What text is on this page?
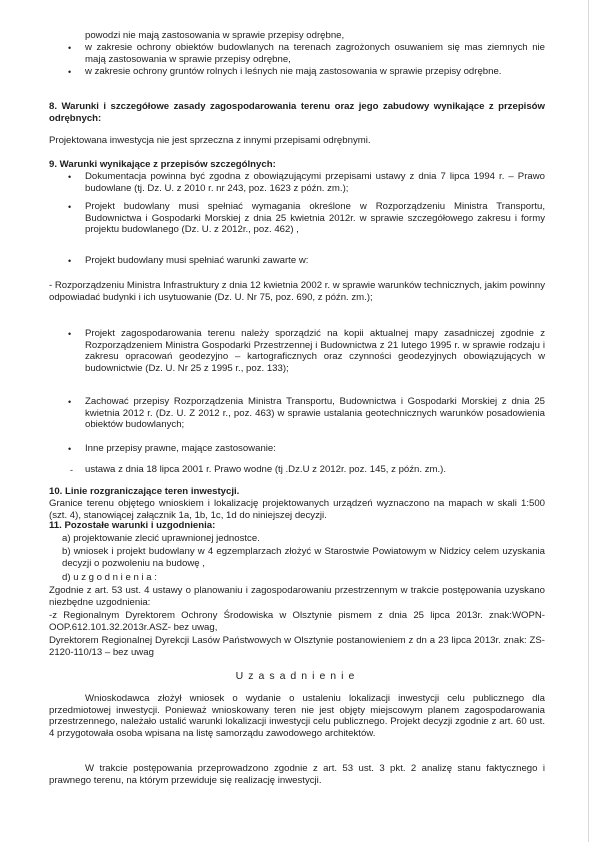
powodzi nie mają zastosowania w sprawie przepisy odrębne,
•	w zakresie ochrony obiektów budowlanych na terenach zagrożonych osuwaniem się mas ziemnych nie mają zastosowania w sprawie przepisy odrębne,
•	w zakresie ochrony gruntów rolnych i leśnych nie mają zastosowania w sprawie przepisy odrębne.
8. Warunki i szczegółowe zasady zagospodarowania terenu oraz jego zabudowy wynikające z przepisów odrębnych:
Projektowana inwestycja nie jest sprzeczna z innymi przepisami odrębnymi.
9. Warunki wynikające z przepisów szczególnych:
•	Dokumentacja powinna być zgodna z obowiązującymi przepisami ustawy z dnia 7 lipca 1994 r. – Prawo budowlane (tj. Dz. U. z 2010 r. nr 243, poz. 1623 z późn. zm.);
•	Projekt budowlany musi spełniać wymagania określone w Rozporządzeniu Ministra Transportu, Budownictwa i Gospodarki Morskiej z dnia 25 kwietnia 2012r. w sprawie szczegółowego zakresu i formy projektu budowlanego (Dz. U. z 2012r., poz. 462) ,
•	Projekt budowlany musi spełniać warunki zawarte w:
- Rozporządzeniu Ministra Infrastruktury z dnia 12 kwietnia 2002 r. w sprawie warunków technicznych, jakim powinny odpowiadać budynki i ich usytuowanie (Dz. U. Nr 75, poz. 690, z późn. zm.);
•	Projekt zagospodarowania terenu należy sporządzić na kopii aktualnej mapy zasadniczej zgodnie z Rozporządzeniem Ministra Gospodarki Przestrzennej i Budownictwa z 21 lutego 1995 r. w sprawie rodzaju i zakresu opracowań geodezyjno – kartograficznych oraz czynności geodezyjnych obowiązujących w budownictwie (Dz. U. Nr 25 z 1995 r., poz. 133);
•	Zachować przepisy Rozporządzenia Ministra Transportu, Budownictwa i Gospodarki Morskiej z dnia 25 kwietnia 2012 r. (Dz. U. Z 2012 r., poz. 463) w sprawie ustalania geotechnicznych warunków posadowienia obiektów budowlanych;
•	Inne przepisy prawne, mające zastosowanie:
-	ustawa z dnia 18 lipca 2001 r. Prawo wodne (tj .Dz.U z 2012r. poz. 145, z późn. zm.).
10. Linie rozgraniczające teren inwestycji.
Granice terenu objętego wnioskiem i lokalizację projektowanych urządzeń wyznaczono na mapach w skali 1:500 (szt. 4), stanowiącej załącznik 1a, 1b, 1c, 1d do niniejszej decyzji.
11. Pozostałe warunki i uzgodnienia:
a) projektowanie zlecić uprawnionej jednostce.
b) wniosek i projekt budowlany w 4 egzemplarzach złożyć w Starostwie Powiatowym w Nidzicy celem uzyskania decyzji o pozwoleniu na budowę ,
d) u z g o d n i e n i a :
Zgodnie z art. 53 ust. 4 ustawy o planowaniu i zagospodarowaniu przestrzennym w trakcie postępowania uzyskano niezbędne uzgodnienia:
-z Regionalnym Dyrektorem Ochrony Środowiska w Olsztynie pismem z dnia 25 lipca 2013r. znak:WOPN-OOP.612.101.32.2013r.ASZ- bez uwag,
Dyrektorem Regionalnej Dyrekcji Lasów Państwowych w Olsztynie postanowieniem z dn a 23 lipca 2013r. znak: ZS-2120-110/13 – bez uwag
Uzasadnienie
Wnioskodawca złożył wniosek o wydanie o ustaleniu lokalizacji inwestycji celu publicznego dla przedmiotowej inwestycji. Ponieważ wnioskowany teren nie jest objęty miejscowym planem zagospodarowania przestrzennego, należało ustalić warunki lokalizacji inwestycji celu publicznego. Projekt decyzji zgodnie z art. 60 ust. 4 przygotowała osoba wpisana na listę samorządu zawodowego architektów.
W trakcie postępowania przeprowadzono zgodnie z art. 53 ust. 3 pkt. 2 analizę stanu faktycznego i prawnego terenu, na którym przewiduje się realizację inwestycji.
